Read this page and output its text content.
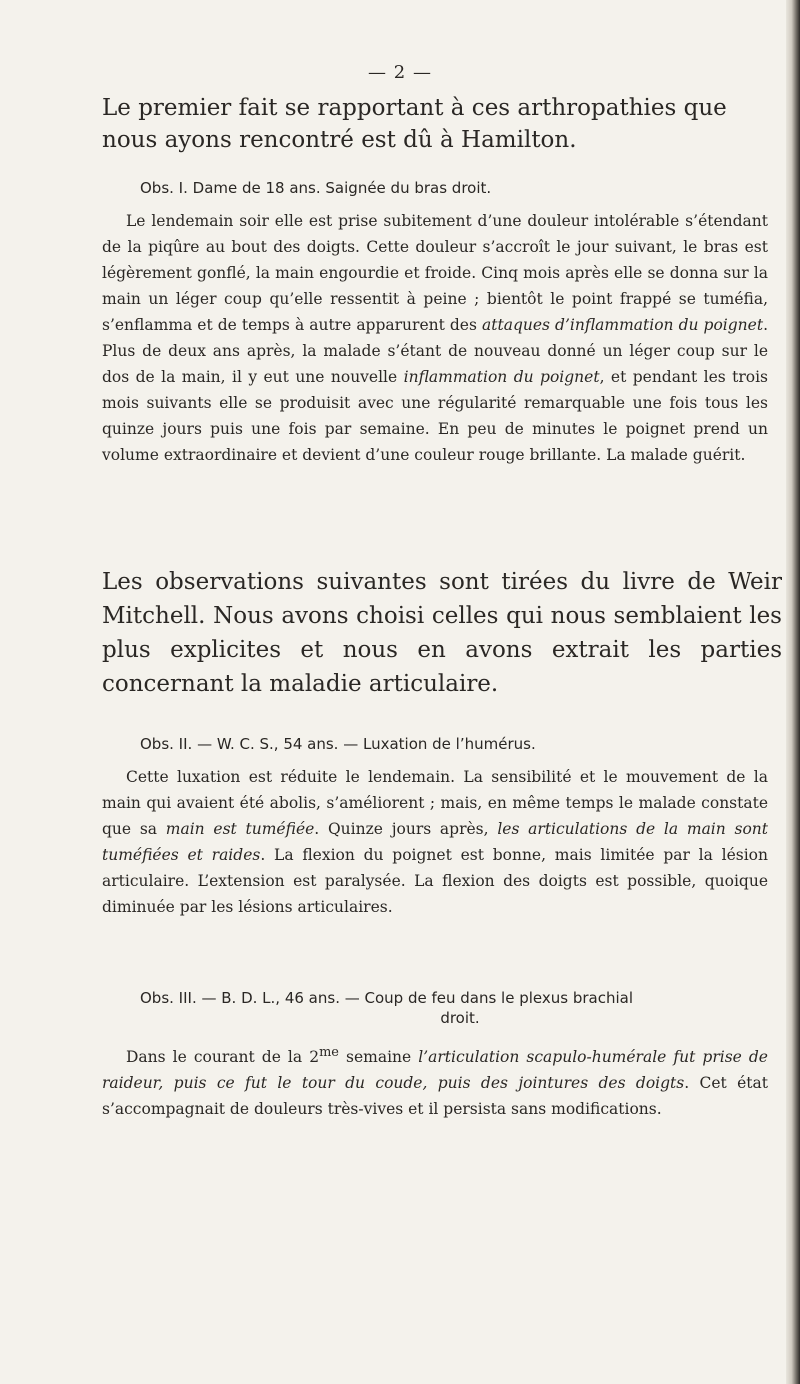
— 2 —

Le premier fait se rapportant à ces arthropathies que nous ayons rencontré est dû à Hamilton.

Obs. I. Dame de 18 ans. Saignée du bras droit.

Le lendemain soir elle est prise subitement d’une douleur intolérable s’étendant de la piqûre au bout des doigts. Cette douleur s’accroît le jour suivant, le bras est légèrement gonflé, la main engourdie et froide. Cinq mois après elle se donna sur la main un léger coup qu’elle ressentit à peine ; bientôt le point frappé se tuméfia, s’enflamma et de temps à autre apparurent des attaques d’inflammation du poignet. Plus de deux ans après, la malade s’étant de nouveau donné un léger coup sur le dos de la main, il y eut une nouvelle inflammation du poignet, et pendant les trois mois suivants elle se produisit avec une régularité remarquable une fois tous les quinze jours puis une fois par semaine. En peu de minutes le poignet prend un volume extraordinaire et devient d’une couleur rouge brillante. La malade guérit.

Les observations suivantes sont tirées du livre de Weir Mitchell. Nous avons choisi celles qui nous semblaient les plus explicites et nous en avons extrait les parties concernant la maladie articulaire.

Obs. II. — W. C. S., 54 ans. — Luxation de l’humérus.

Cette luxation est réduite le lendemain. La sensibilité et le mouvement de la main qui avaient été abolis, s’améliorent ; mais, en même temps le malade constate que sa main est tuméfiée. Quinze jours après, les articulations de la main sont tuméfiées et raides. La flexion du poignet est bonne, mais limitée par la lésion articulaire. L’extension est paralysée. La flexion des doigts est possible, quoique diminuée par les lésions articulaires.

Obs. III. — B. D. L., 46 ans. — Coup de feu dans le plexus brachial
droit.

Dans le courant de la $2^{me}$ semaine l’articulation scapulo-humérale fut prise de raideur, puis ce fut le tour du coude, puis des jointures des doigts. Cet état s’accompagnait de douleurs très-vives et il persista sans modifications.
